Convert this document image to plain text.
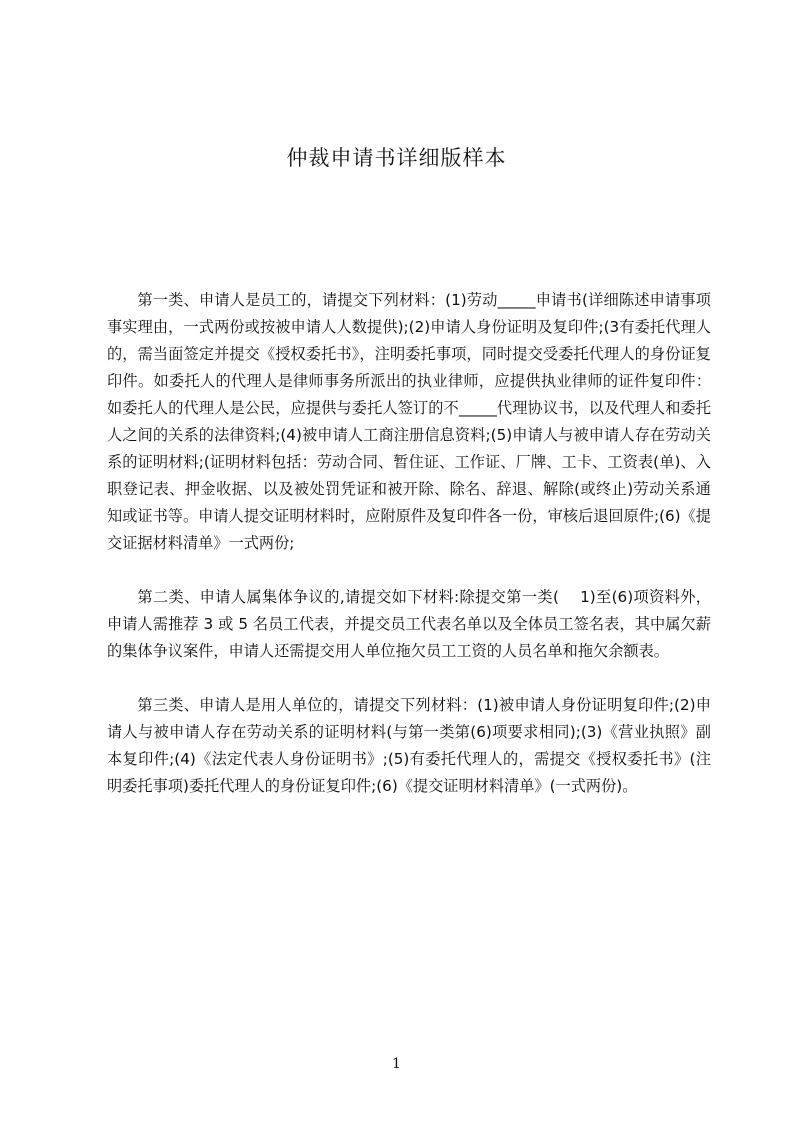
仲裁申请书详细版样本

第一类、申请人是员工的，请提交下列材料：(1)劳动_____申请书(详细陈述申请事项事实理由，一式两份或按被申请人人数提供);(2)申请人身份证明及复印件;(3有委托代理人的，需当面签定并提交《授权委托书》，注明委托事项，同时提交受委托代理人的身份证复印件。如委托人的代理人是律师事务所派出的执业律师，应提供执业律师的证件复印件：如委托人的代理人是公民，应提供与委托人签订的不_____代理协议书，以及代理人和委托人之间的关系的法律资料;(4)被申请人工商注册信息资料;(5)申请人与被申请人存在劳动关系的证明材料;(证明材料包括：劳动合同、暂住证、工作证、厂牌、工卡、工资表(单)、入职登记表、押金收据、以及被处罚凭证和被开除、除名、辞退、解除(或终止)劳动关系通知或证书等。申请人提交证明材料时，应附原件及复印件各一份，审核后退回原件;(6)《提交证据材料清单》一式两份;

第二类、申请人属集体争议的,请提交如下材料:除提交第一类(　 1)至(6)项资料外，申请人需推荐 3 或 5 名员工代表，并提交员工代表名单以及全体员工签名表，其中属欠薪的集体争议案件，申请人还需提交用人单位拖欠员工工资的人员名单和拖欠余额表。

第三类、申请人是用人单位的，请提交下列材料：(1)被申请人身份证明复印件;(2)申请人与被申请人存在劳动关系的证明材料(与第一类第(6)项要求相同);(3)《营业执照》副本复印件;(4)《法定代表人身份证明书》;(5)有委托代理人的，需提交《授权委托书》(注明委托事项)委托代理人的身份证复印件;(6)《提交证明材料清单》(一式两份)。

1
